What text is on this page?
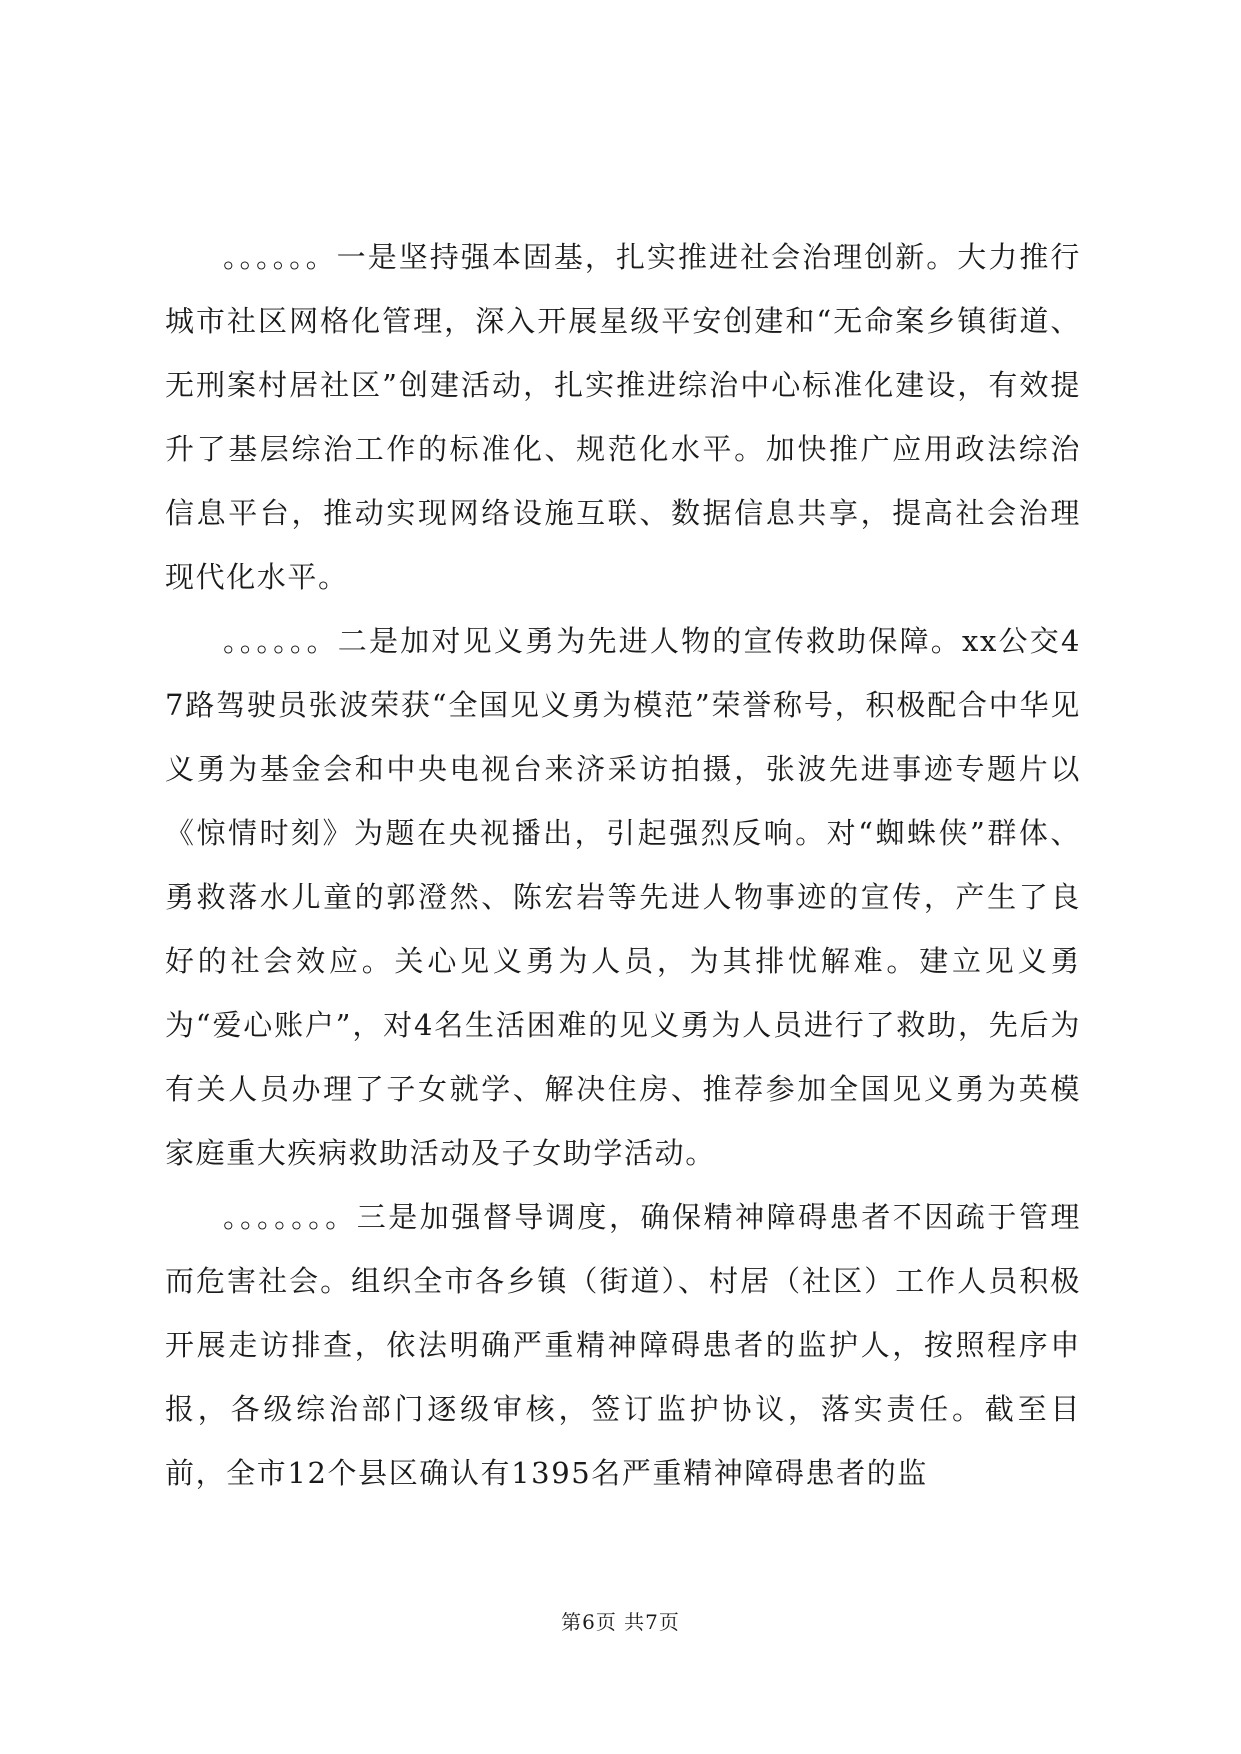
。。。。。。一是坚持强本固基，扎实推进社会治理创新。大力推行城市社区网格化管理，深入开展星级平安创建和“无命案乡镇街道、无刑案村居社区”创建活动，扎实推进综治中心标准化建设，有效提升了基层综治工作的标准化、规范化水平。加快推广应用政法综治信息平台，推动实现网络设施互联、数据信息共享，提高社会治理现代化水平。

。。。。。。二是加对见义勇为先进人物的宣传救助保障。xx公交47路驾驶员张波荣获“全国见义勇为模范”荣誉称号，积极配合中华见义勇为基金会和中央电视台来济采访拍摄，张波先进事迹专题片以《惊情时刻》为题在央视播出，引起强烈反响。对“蜘蛛侠”群体、勇救落水儿童的郭澄然、陈宏岩等先进人物事迹的宣传，产生了良好的社会效应。关心见义勇为人员，为其排忧解难。建立见义勇为“爱心账户”，对4名生活困难的见义勇为人员进行了救助，先后为有关人员办理了子女就学、解决住房、推荐参加全国见义勇为英模家庭重大疾病救助活动及子女助学活动。

。。。。。。。三是加强督导调度，确保精神障碍患者不因疏于管理而危害社会。组织全市各乡镇（街道）、村居（社区）工作人员积极开展走访排查，依法明确严重精神障碍患者的监护人，按照程序申报，各级综治部门逐级审核，签订监护协议，落实责任。截至目前，全市12个县区确认有1395名严重精神障碍患者的监

第6页 共7页
